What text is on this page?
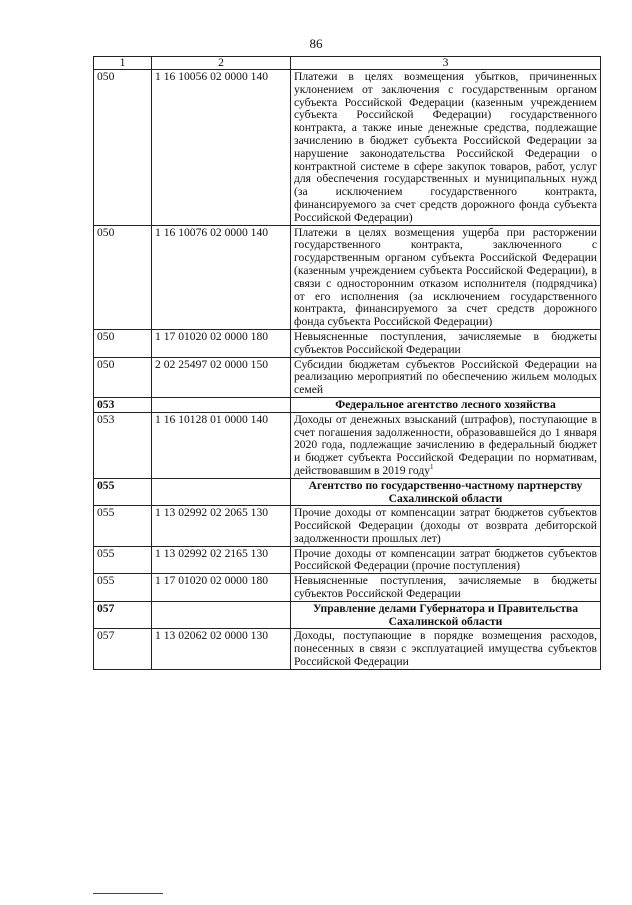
86
1	2	3
050	1 16 10056 02 0000 140	Платежи в целях возмещения убытков, причиненных уклонением от заключения с государственным органом субъекта Российской Федерации (казенным учреждением субъекта Российской Федерации) государственного контракта, а также иные денежные средства, подлежащие зачислению в бюджет субъекта Российской Федерации за нарушение законодательства Российской Федерации о контрактной системе в сфере закупок товаров, работ, услуг для обеспечения государственных и муниципальных нужд (за исключением государственного контракта, финансируемого за счет средств дорожного фонда субъекта Российской Федерации)
050	1 16 10076 02 0000 140	Платежи в целях возмещения ущерба при расторжении государственного контракта, заключенного с государственным органом субъекта Российской Федерации (казенным учреждением субъекта Российской Федерации), в связи с односторонним отказом исполнителя (подрядчика) от его исполнения (за исключением государственного контракта, финансируемого за счет средств дорожного фонда субъекта Российской Федерации)
050	1 17 01020 02 0000 180	Невыясненные поступления, зачисляемые в бюджеты субъектов Российской Федерации
050	2 02 25497 02 0000 150	Субсидии бюджетам субъектов Российской Федерации на реализацию мероприятий по обеспечению жильем молодых семей
053		Федеральное агентство лесного хозяйства
053	1 16 10128 01 0000 140	Доходы от денежных взысканий (штрафов), поступающие в счет погашения задолженности, образовавшейся до 1 января 2020 года, подлежащие зачислению в федеральный бюджет и бюджет субъекта Российской Федерации по нормативам, действовавшим в 2019 году$^1$
055		Агентство по государственно-частному партнерству Сахалинской области
055	1 13 02992 02 2065 130	Прочие доходы от компенсации затрат бюджетов субъектов Российской Федерации (доходы от возврата дебиторской задолженности прошлых лет)
055	1 13 02992 02 2165 130	Прочие доходы от компенсации затрат бюджетов субъектов Российской Федерации (прочие поступления)
055	1 17 01020 02 0000 180	Невыясненные поступления, зачисляемые в бюджеты субъектов Российской Федерации
057		Управление делами Губернатора и Правительства Сахалинской области
057	1 13 02062 02 0000 130	Доходы, поступающие в порядке возмещения расходов, понесенных в связи с эксплуатацией имущества субъектов Российской Федерации
